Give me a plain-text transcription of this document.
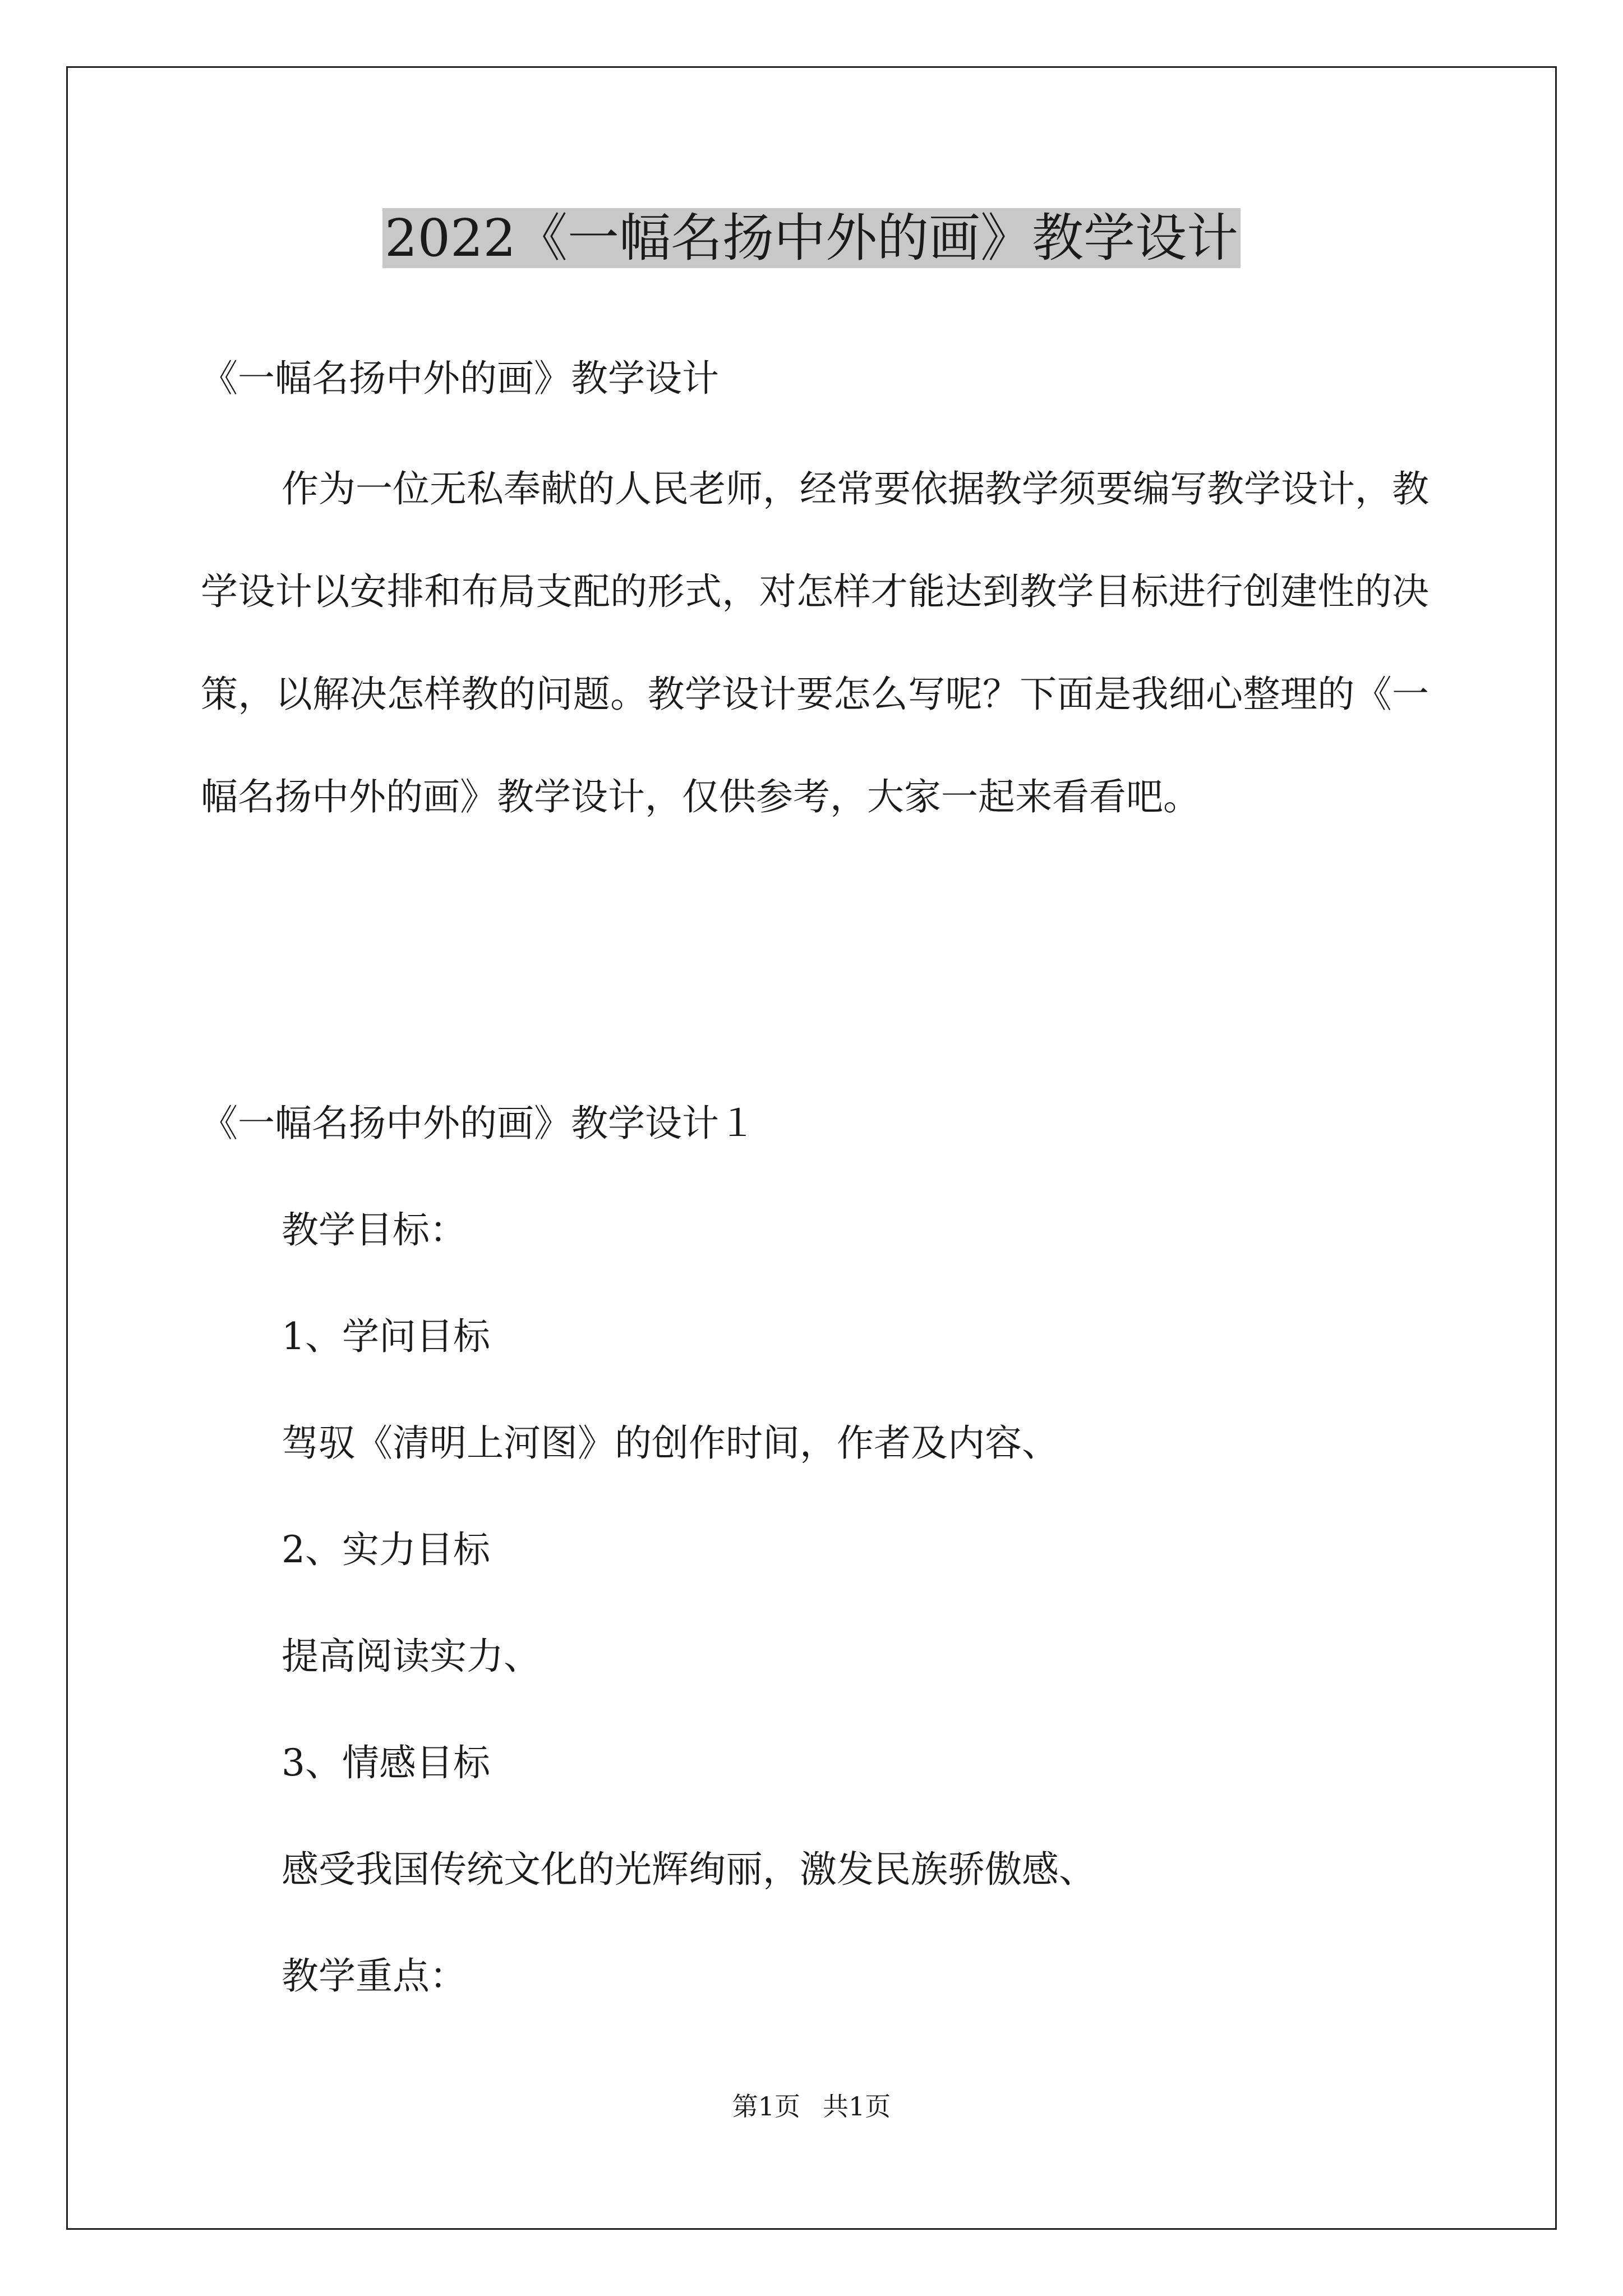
2022《一幅名扬中外的画》教学设计

《一幅名扬中外的画》教学设计

作为一位无私奉献的人民老师，经常要依据教学须要编写教学设计，教学设计以安排和布局支配的形式，对怎样才能达到教学目标进行创建性的决策，以解决怎样教的问题。教学设计要怎么写呢？下面是我细心整理的《一幅名扬中外的画》教学设计，仅供参考，大家一起来看看吧。

《一幅名扬中外的画》教学设计１

教学目标：

1、学问目标

驾驭《清明上河图》的创作时间，作者及内容、

2、实力目标

提高阅读实力、

3、情感目标

感受我国传统文化的光辉绚丽，激发民族骄傲感、

教学重点：

第1页 共1页
